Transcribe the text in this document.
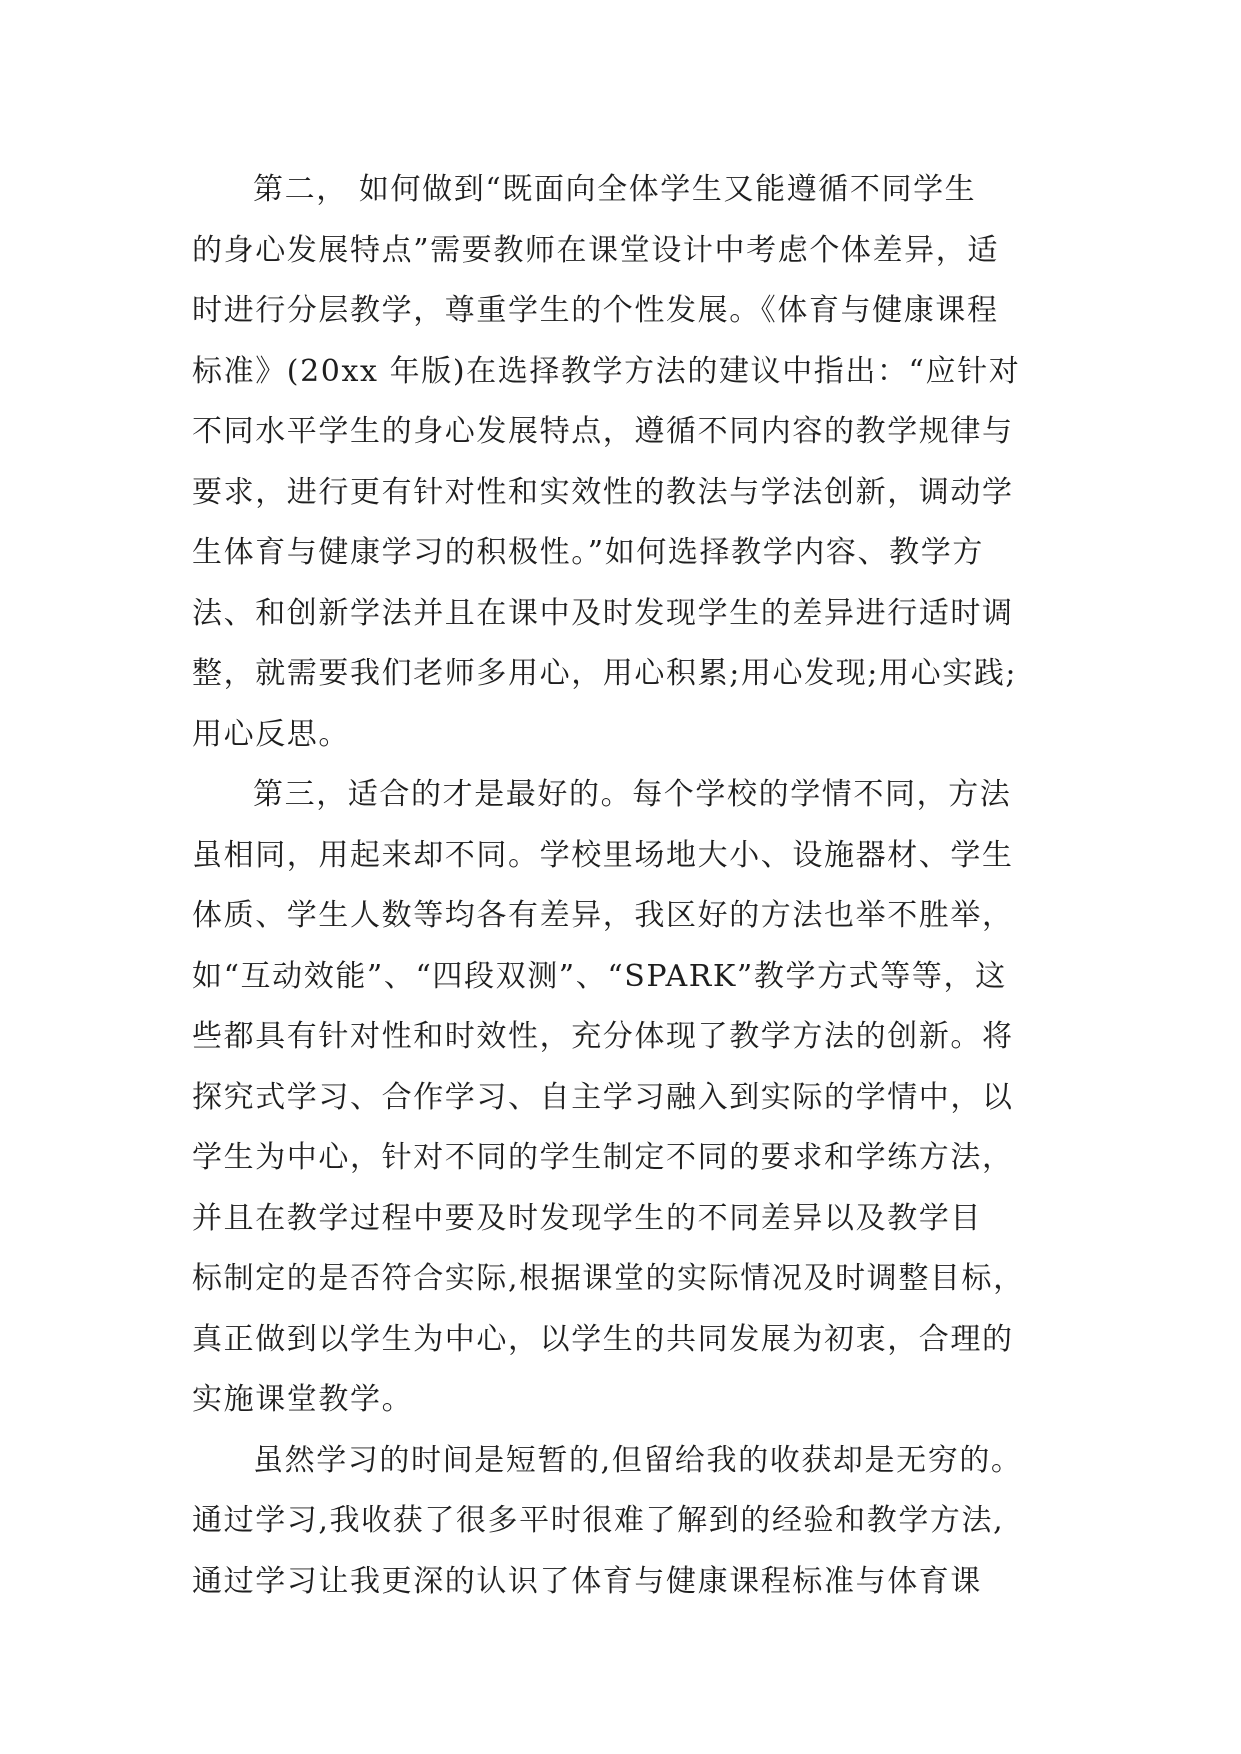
第二， 如何做到“既面向全体学生又能遵循不同学生
的身心发展特点”需要教师在课堂设计中考虑个体差异，适
时进行分层教学，尊重学生的个性发展。《体育与健康课程
标准》(20xx 年版)在选择教学方法的建议中指出：“应针对
不同水平学生的身心发展特点，遵循不同内容的教学规律与
要求，进行更有针对性和实效性的教法与学法创新，调动学
生体育与健康学习的积极性。”如何选择教学内容、教学方
法、和创新学法并且在课中及时发现学生的差异进行适时调
整，就需要我们老师多用心，用心积累;用心发现;用心实践;
用心反思。
第三，适合的才是最好的。每个学校的学情不同，方法
虽相同，用起来却不同。学校里场地大小、设施器材、学生
体质、学生人数等均各有差异，我区好的方法也举不胜举，
如“互动效能”、“四段双测”、“SPARK”教学方式等等，这
些都具有针对性和时效性，充分体现了教学方法的创新。将
探究式学习、合作学习、自主学习融入到实际的学情中，以
学生为中心，针对不同的学生制定不同的要求和学练方法，
并且在教学过程中要及时发现学生的不同差异以及教学目
标制定的是否符合实际,根据课堂的实际情况及时调整目标，
真正做到以学生为中心，以学生的共同发展为初衷，合理的
实施课堂教学。
虽然学习的时间是短暂的,但留给我的收获却是无穷的。
通过学习,我收获了很多平时很难了解到的经验和教学方法,
通过学习让我更深的认识了体育与健康课程标准与体育课
